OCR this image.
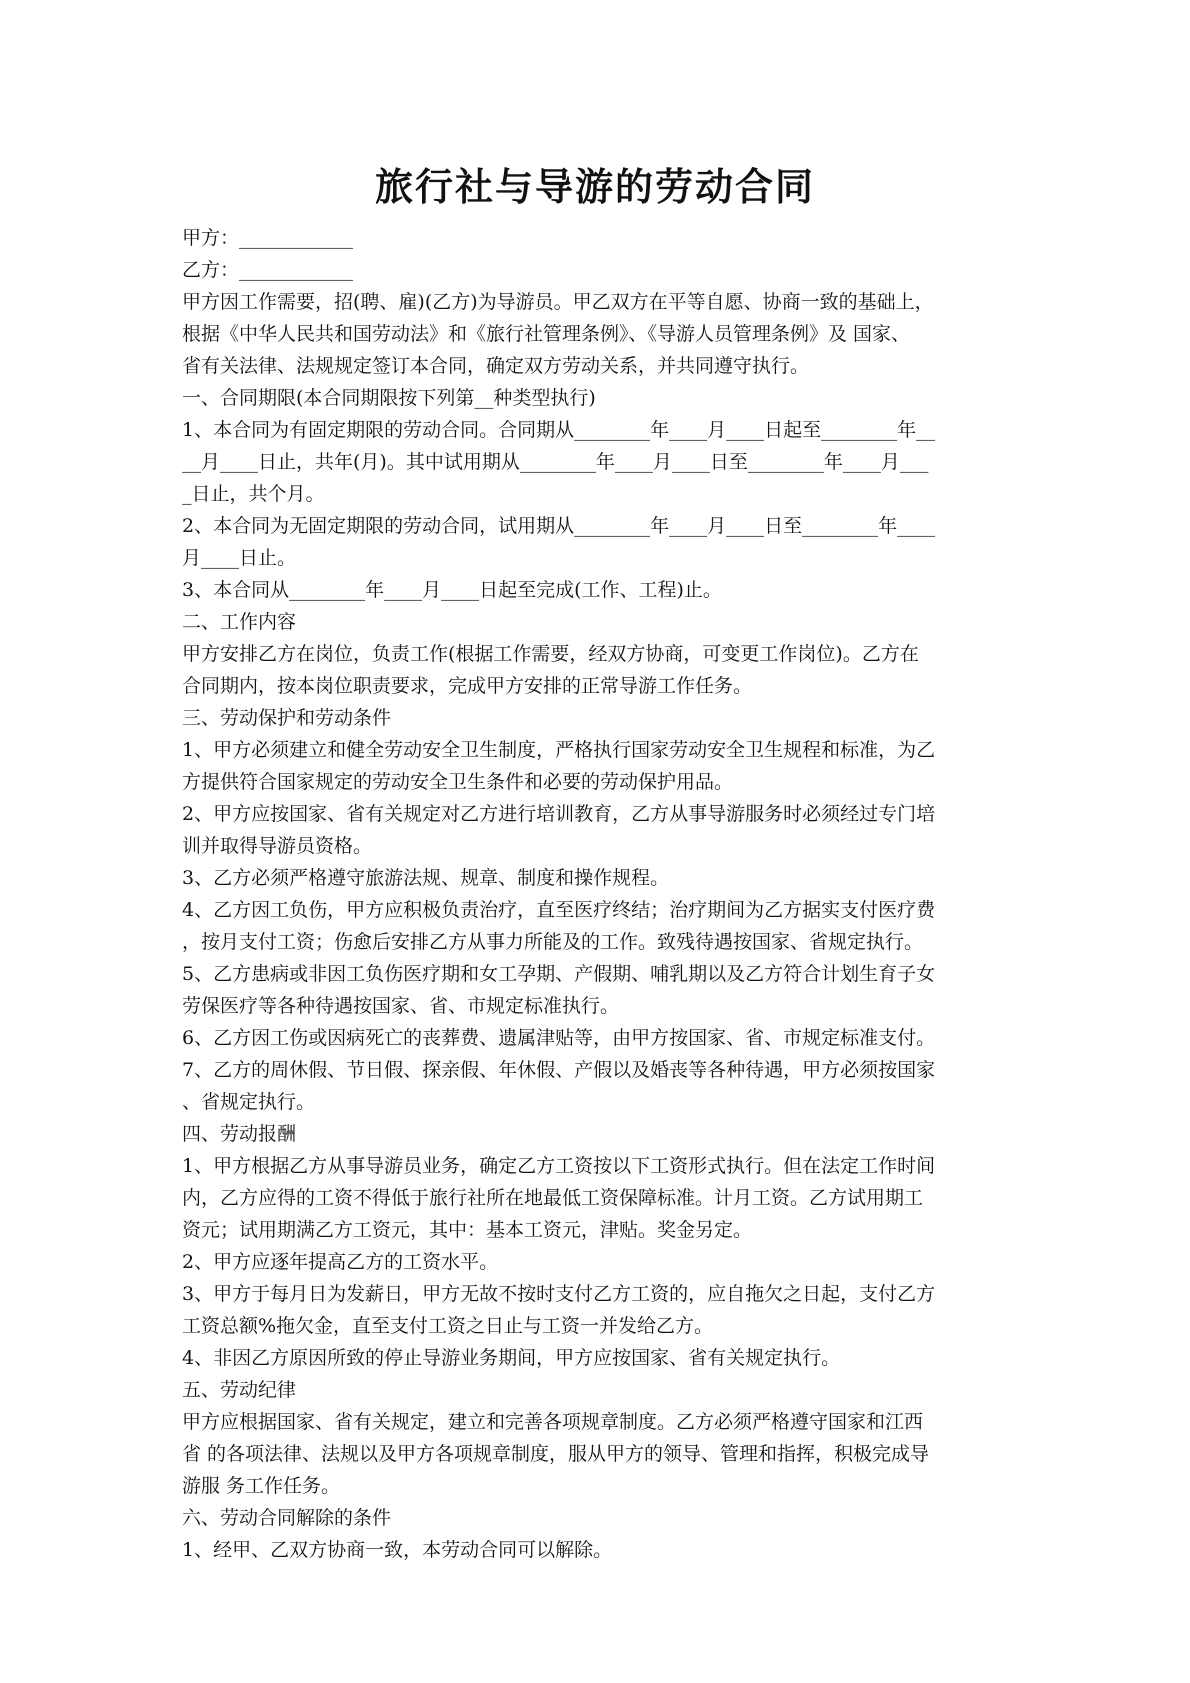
旅行社与导游的劳动合同
甲方：____________
乙方：____________
甲方因工作需要，招(聘、雇)(乙方)为导游员。甲乙双方在平等自愿、协商一致的基础上，
根据《中华人民共和国劳动法》和《旅行社管理条例》、《导游人员管理条例》及 国家、
省有关法律、法规规定签订本合同，确定双方劳动关系，并共同遵守执行。
一、合同期限(本合同期限按下列第__种类型执行)
1、本合同为有固定期限的劳动合同。合同期从________年____月____日起至________年__
__月____日止，共年(月)。其中试用期从________年____月____日至________年____月___
_日止，共个月。
2、本合同为无固定期限的劳动合同，试用期从________年____月____日至________年____
月____日止。
3、本合同从________年____月____日起至完成(工作、工程)止。
二、工作内容
甲方安排乙方在岗位，负责工作(根据工作需要，经双方协商，可变更工作岗位)。乙方在
合同期内，按本岗位职责要求，完成甲方安排的正常导游工作任务。
三、劳动保护和劳动条件
1、甲方必须建立和健全劳动安全卫生制度，严格执行国家劳动安全卫生规程和标准，为乙
方提供符合国家规定的劳动安全卫生条件和必要的劳动保护用品。
2、甲方应按国家、省有关规定对乙方进行培训教育，乙方从事导游服务时必须经过专门培
训并取得导游员资格。
3、乙方必须严格遵守旅游法规、规章、制度和操作规程。
4、乙方因工负伤，甲方应积极负责治疗，直至医疗终结；治疗期间为乙方据实支付医疗费
，按月支付工资；伤愈后安排乙方从事力所能及的工作。致残待遇按国家、省规定执行。
5、乙方患病或非因工负伤医疗期和女工孕期、产假期、哺乳期以及乙方符合计划生育子女
劳保医疗等各种待遇按国家、省、市规定标准执行。
6、乙方因工伤或因病死亡的丧葬费、遗属津贴等，由甲方按国家、省、市规定标准支付。
7、乙方的周休假、节日假、探亲假、年休假、产假以及婚丧等各种待遇，甲方必须按国家
、省规定执行。
四、劳动报酬
1、甲方根据乙方从事导游员业务，确定乙方工资按以下工资形式执行。但在法定工作时间
内，乙方应得的工资不得低于旅行社所在地最低工资保障标准。计月工资。乙方试用期工
资元；试用期满乙方工资元，其中：基本工资元，津贴。奖金另定。
2、甲方应逐年提高乙方的工资水平。
3、甲方于每月日为发薪日，甲方无故不按时支付乙方工资的，应自拖欠之日起，支付乙方
工资总额%拖欠金，直至支付工资之日止与工资一并发给乙方。
4、非因乙方原因所致的停止导游业务期间，甲方应按国家、省有关规定执行。
五、劳动纪律
甲方应根据国家、省有关规定，建立和完善各项规章制度。乙方必须严格遵守国家和江西
省 的各项法律、法规以及甲方各项规章制度，服从甲方的领导、管理和指挥，积极完成导
游服 务工作任务。
六、劳动合同解除的条件
1、经甲、乙双方协商一致，本劳动合同可以解除。
